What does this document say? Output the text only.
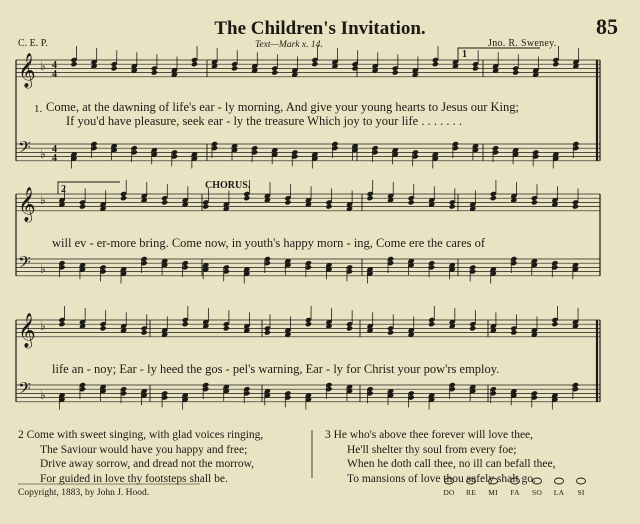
𝄞 ♭ 4
4
𝄢 ♭ 4
4
𝄞 ♭
𝄢 ♭
𝄞 ♭
𝄢 ♭
1
2
The Children's Invitation.	85
C. E. P.	Text—Mark x. 14.	Jno. R. Sweney.
1. Come, at the dawning of life's ear - ly morning, And give your young hearts to Jesus our King;
If you'd have pleasure, seek ear - ly the treasure Which joy to your life . . . . . . .
CHORUS.
will ev - er-more bring. Come now, in youth's happy morn - ing, Come ere the cares of
life an - noy; Ear - ly heed the gos - pel's warning, Ear - ly for Christ your pow'rs employ.
2 Come with sweet singing, with glad voices ringing,
The Saviour would have you happy and free;
Drive away sorrow, and dread not the morrow,
For guided in love thy footsteps shall be.
3 He who's above thee forever will love thee,
He'll shelter thy soul from every foe;
When he doth call thee, no ill can befall thee,
To mansions of love thou safely shalt go.
Copyright, 1883, by John J. Hood.	DO RE MI FA SO LA SI
